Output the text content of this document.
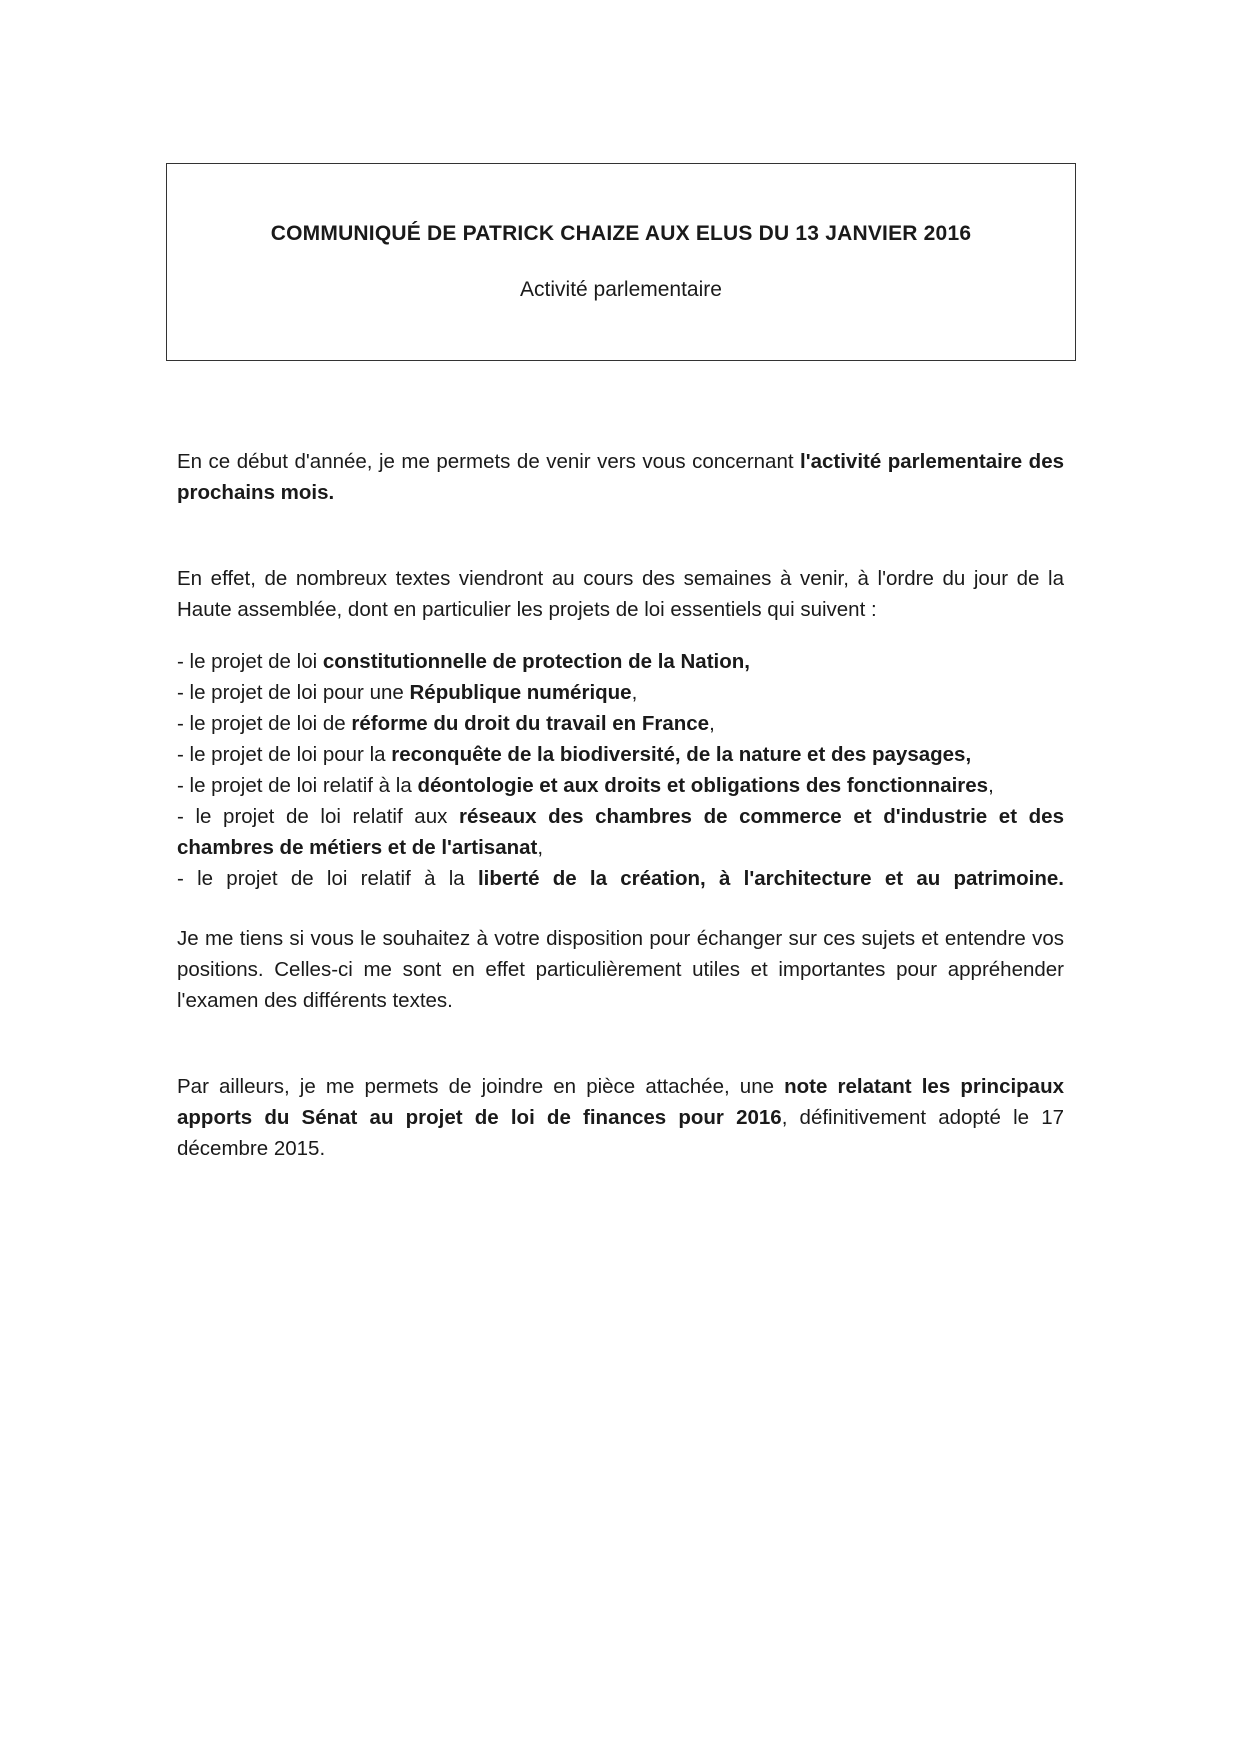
COMMUNIQUÉ DE PATRICK CHAIZE AUX ELUS DU 13 JANVIER 2016
Activité parlementaire
En ce début d'année, je me permets de venir vers vous concernant l'activité parlementaire des prochains mois.
En effet, de nombreux textes viendront au cours des semaines à venir, à l'ordre du jour de la Haute assemblée, dont en particulier les projets de loi essentiels qui suivent :
- le projet de loi constitutionnelle de protection de la Nation,
- le projet de loi pour une République numérique,
- le projet de loi de réforme du droit du travail en France,
- le projet de loi pour la reconquête de la biodiversité, de la nature et des paysages,
- le projet de loi relatif à la déontologie et aux droits et obligations des fonctionnaires,
- le projet de loi relatif aux réseaux des chambres de commerce et d'industrie et des chambres de métiers et de l'artisanat,
- le projet de loi relatif à la liberté de la création, à l'architecture et au patrimoine.
Je me tiens si vous le souhaitez à votre disposition pour échanger sur ces sujets et entendre vos positions. Celles-ci me sont en effet particulièrement utiles et importantes pour appréhender l'examen des différents textes.
Par ailleurs, je me permets de joindre en pièce attachée, une note relatant les principaux apports du Sénat au projet de loi de finances pour 2016, définitivement adopté le 17 décembre 2015.
